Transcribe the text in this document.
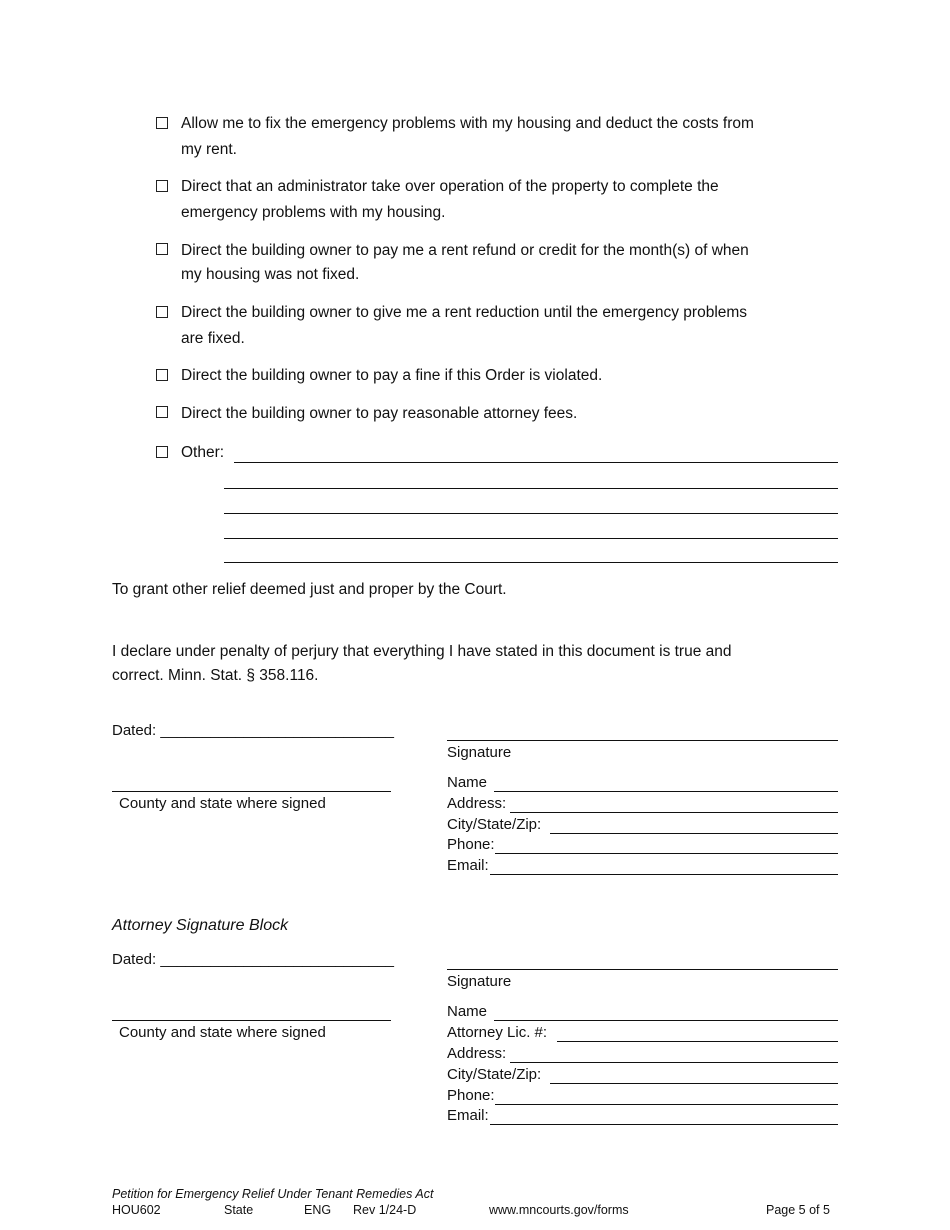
Allow me to fix the emergency problems with my housing and deduct the costs from
my rent.
Direct that an administrator take over operation of the property to complete the
emergency problems with my housing.
Direct the building owner to pay me a rent refund or credit for the month(s) of when
my housing was not fixed.
Direct the building owner to give me a rent reduction until the emergency problems
are fixed.
Direct the building owner to pay a fine if this Order is violated.
Direct the building owner to pay reasonable attorney fees.
Other:
To grant other relief deemed just and proper by the Court.
I declare under penalty of perjury that everything I have stated in this document is true and
correct. Minn. Stat. § 358.116.
Dated: ____________________________
County and state where signed
Signature
Name
Address:
City/State/Zip:
Phone:
Email:
Attorney Signature Block
Dated: ____________________________
County and state where signed
Signature
Name
Attorney Lic. #:
Address:
City/State/Zip:
Phone:
Email:
Petition for Emergency Relief Under Tenant Remedies Act
HOU602	State	ENG Rev 1/24-D	www.mncourts.gov/forms	Page 5 of 5
